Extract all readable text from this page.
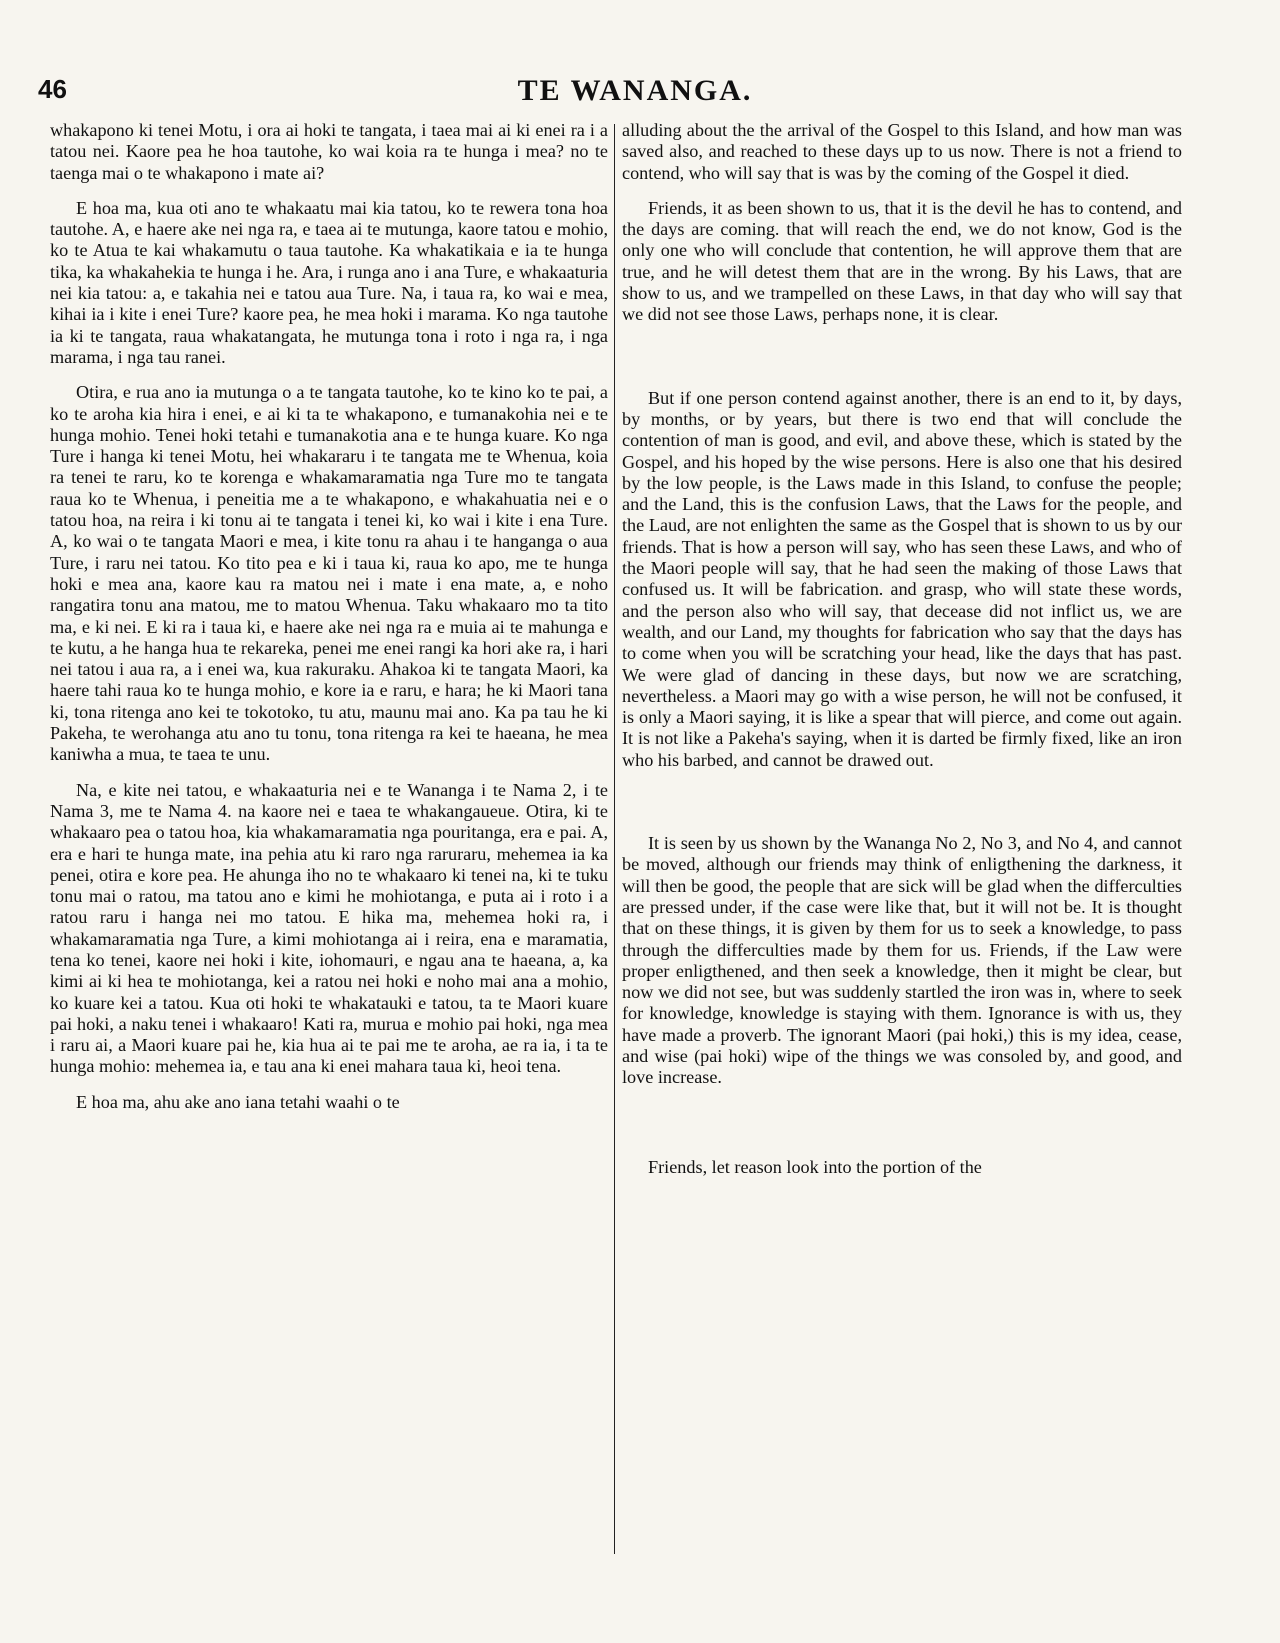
46	TE WANANGA.

whakapono ki tenei Motu, i ora ai hoki te tangata, i taea mai ai ki enei ra i a tatou nei. Kaore pea he hoa tautohe, ko wai koia ra te hunga i mea? no te taenga mai o te whakapono i mate ai?

E hoa ma, kua oti ano te whakaatu mai kia tatou, ko te rewera tona hoa tautohe. A, e haere ake nei nga ra, e taea ai te mutunga, kaore tatou e mohio, ko te Atua te kai whakamutu o taua tautohe. Ka whakatikaia e ia te hunga tika, ka whakahekia te hunga i he. Ara, i runga ano i ana Ture, e whakaaturia nei kia tatou: a, e takahia nei e tatou aua Ture. Na, i taua ra, ko wai e mea, kihai ia i kite i enei Ture? kaore pea, he mea hoki i marama. Ko nga tautohe ia ki te tangata, raua whakatangata, he mutunga tona i roto i nga ra, i nga marama, i nga tau ranei.

Otira, e rua ano ia mutunga o a te tangata tautohe, ko te kino ko te pai, a ko te aroha kia hira i enei, e ai ki ta te whakapono, e tumanakohia nei e te hunga mohio. Tenei hoki tetahi e tumanakotia ana e te hunga kuare. Ko nga Ture i hanga ki tenei Motu, hei whakararu i te tangata me te Whenua, koia ra tenei te raru, ko te korenga e whakamaramatia nga Ture mo te tangata raua ko te Whenua, i peneitia me a te whakapono, e whakahuatia nei e o tatou hoa, na reira i ki tonu ai te tangata i tenei ki, ko wai i kite i ena Ture. A, ko wai o te tangata Maori e mea, i kite tonu ra ahau i te hanganga o aua Ture, i raru nei tatou. Ko tito pea e ki i taua ki, raua ko apo, me te hunga hoki e mea ana, kaore kau ra matou nei i mate i ena mate, a, e noho rangatira tonu ana matou, me to matou Whenua. Taku whakaaro mo ta tito ma, e ki nei. E ki ra i taua ki, e haere ake nei nga ra e muia ai te mahunga e te kutu, a he hanga hua te rekareka, penei me enei rangi ka hori ake ra, i hari nei tatou i aua ra, a i enei wa, kua rakuraku. Ahakoa ki te tangata Maori, ka haere tahi raua ko te hunga mohio, e kore ia e raru, e hara; he ki Maori tana ki, tona ritenga ano kei te tokotoko, tu atu, maunu mai ano. Ka pa tau he ki Pakeha, te werohanga atu ano tu tonu, tona ritenga ra kei te haeana, he mea kaniwha a mua, te taea te unu.

Na, e kite nei tatou, e whakaaturia nei e te Wananga i te Nama 2, i te Nama 3, me te Nama 4. na kaore nei e taea te whakangaueue. Otira, ki te whakaaro pea o tatou hoa, kia whakamaramatia nga pouritanga, era e pai. A, era e hari te hunga mate, ina pehia atu ki raro nga raruraru, mehemea ia ka penei, otira e kore pea. He ahunga iho no te whakaaro ki tenei na, ki te tuku tonu mai o ratou, ma tatou ano e kimi he mohiotanga, e puta ai i roto i a ratou raru i hanga nei mo tatou. E hika ma, mehemea hoki ra, i whakamaramatia nga Ture, a kimi mohiotanga ai i reira, ena e maramatia, tena ko tenei, kaore nei hoki i kite, iohomauri, e ngau ana te haeana, a, ka kimi ai ki hea te mohiotanga, kei a ratou nei hoki e noho mai ana a mohio, ko kuare kei a tatou. Kua oti hoki te whakatauki e tatou, ta te Maori kuare pai hoki, a naku tenei i whakaaro! Kati ra, murua e mohio pai hoki, nga mea i raru ai, a Maori kuare pai he, kia hua ai te pai me te aroha, ae ra ia, i ta te hunga mohio: mehemea ia, e tau ana ki enei mahara taua ki, heoi tena.

E hoa ma, ahu ake ano iana tetahi waahi o te

alluding about the the arrival of the Gospel to this Island, and how man was saved also, and reached to these days up to us now. There is not a friend to contend, who will say that is was by the coming of the Gospel it died.

Friends, it as been shown to us, that it is the devil he has to contend, and the days are coming. that will reach the end, we do not know, God is the only one who will conclude that contention, he will approve them that are true, and he will detest them that are in the wrong. By his Laws, that are show to us, and we trampelled on these Laws, in that day who will say that we did not see those Laws, perhaps none, it is clear.

But if one person contend against another, there is an end to it, by days, by months, or by years, but there is two end that will conclude the contention of man is good, and evil, and above these, which is stated by the Gospel, and his hoped by the wise persons. Here is also one that his desired by the low people, is the Laws made in this Island, to confuse the people; and the Land, this is the confusion Laws, that the Laws for the people, and the Laud, are not enlighten the same as the Gospel that is shown to us by our friends. That is how a person will say, who has seen these Laws, and who of the Maori people will say, that he had seen the making of those Laws that confused us. It will be fabrication. and grasp, who will state these words, and the person also who will say, that decease did not inflict us, we are wealth, and our Land, my thoughts for fabrication who say that the days has to come when you will be scratching your head, like the days that has past. We were glad of dancing in these days, but now we are scratching, nevertheless. a Maori may go with a wise person, he will not be confused, it is only a Maori saying, it is like a spear that will pierce, and come out again. It is not like a Pakeha's saying, when it is darted be firmly fixed, like an iron who his barbed, and cannot be drawed out.

It is seen by us shown by the Wananga No 2, No 3, and No 4, and cannot be moved, although our friends may think of enligthening the darkness, it will then be good, the people that are sick will be glad when the differculties are pressed under, if the case were like that, but it will not be. It is thought that on these things, it is given by them for us to seek a knowledge, to pass through the differculties made by them for us. Friends, if the Law were proper enligthened, and then seek a knowledge, then it might be clear, but now we did not see, but was suddenly startled the iron was in, where to seek for knowledge, knowledge is staying with them. Ignorance is with us, they have made a proverb. The ignorant Maori (pai hoki,) this is my idea, cease, and wise (pai hoki) wipe of the things we was consoled by, and good, and love increase.

Friends, let reason look into the portion of the
